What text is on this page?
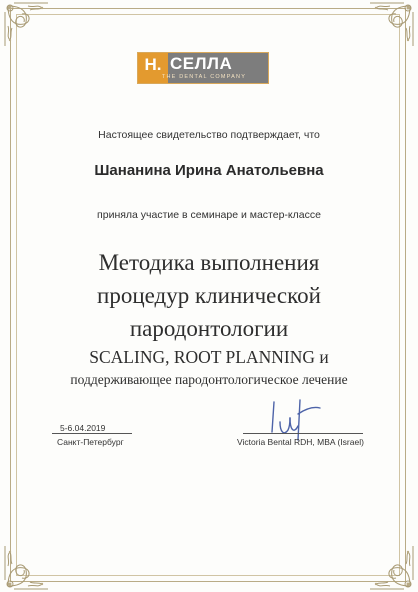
Н. СЕЛЛА
THE DENTAL COMPANY
Настоящее свидетельство подтверждает, что
Шананина Ирина Анатольевна
приняла участие в семинаре и мастер-классе
Методика выполнения
процедур клинической
пародонтологии
SCALING, ROOT PLANNING и
поддерживающее пародонтологическое лечение
5-6.04.2019
Санкт-Петербург	Victoria Bental RDH, MBA (Israel)
